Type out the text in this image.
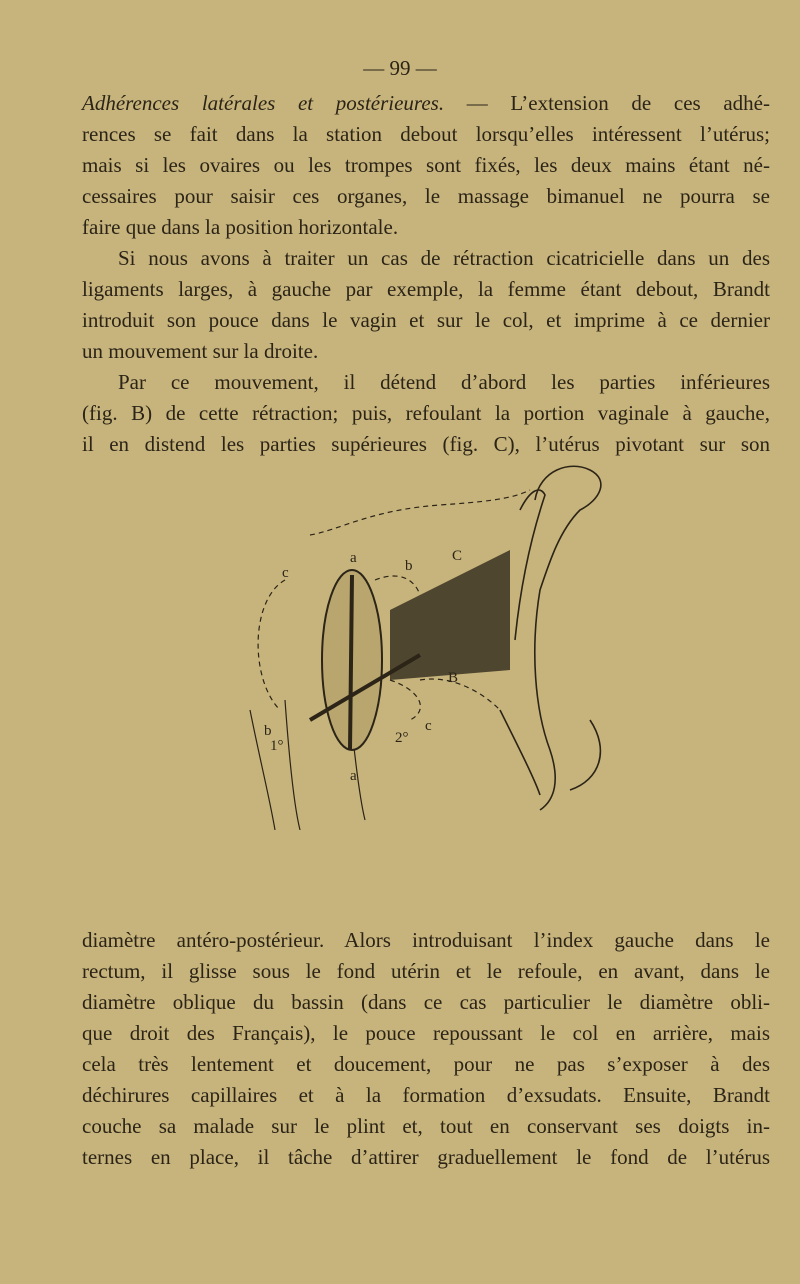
— 99 —
Adhérences latérales et postérieures. — L’extension de ces adhé-
rences se fait dans la station debout lorsqu’elles intéressent l’utérus;
mais si les ovaires ou les trompes sont fixés, les deux mains étant né-
cessaires pour saisir ces organes, le massage bimanuel ne pourra se
faire que dans la position horizontale.
Si nous avons à traiter un cas de rétraction cicatricielle dans un des
ligaments larges, à gauche par exemple, la femme étant debout, Brandt
introduit son pouce dans le vagin et sur le col, et imprime à ce dernier
un mouvement sur la droite.
Par ce mouvement, il détend d’abord les parties inférieures
(fig. B) de cette rétraction; puis, refoulant la portion vaginale à gauche,
il en distend les parties supérieures (fig. C), l’utérus pivotant sur son
a	b
c
C
B
c
1°	2°
a
b
diamètre antéro-postérieur. Alors introduisant l’index gauche dans le
rectum, il glisse sous le fond utérin et le refoule, en avant, dans le
diamètre oblique du bassin (dans ce cas particulier le diamètre obli-
que droit des Français), le pouce repoussant le col en arrière, mais
cela très lentement et doucement, pour ne pas s’exposer à des
déchirures capillaires et à la formation d’exsudats. Ensuite, Brandt
couche sa malade sur le plint et, tout en conservant ses doigts in-
ternes en place, il tâche d’attirer graduellement le fond de l’utérus
